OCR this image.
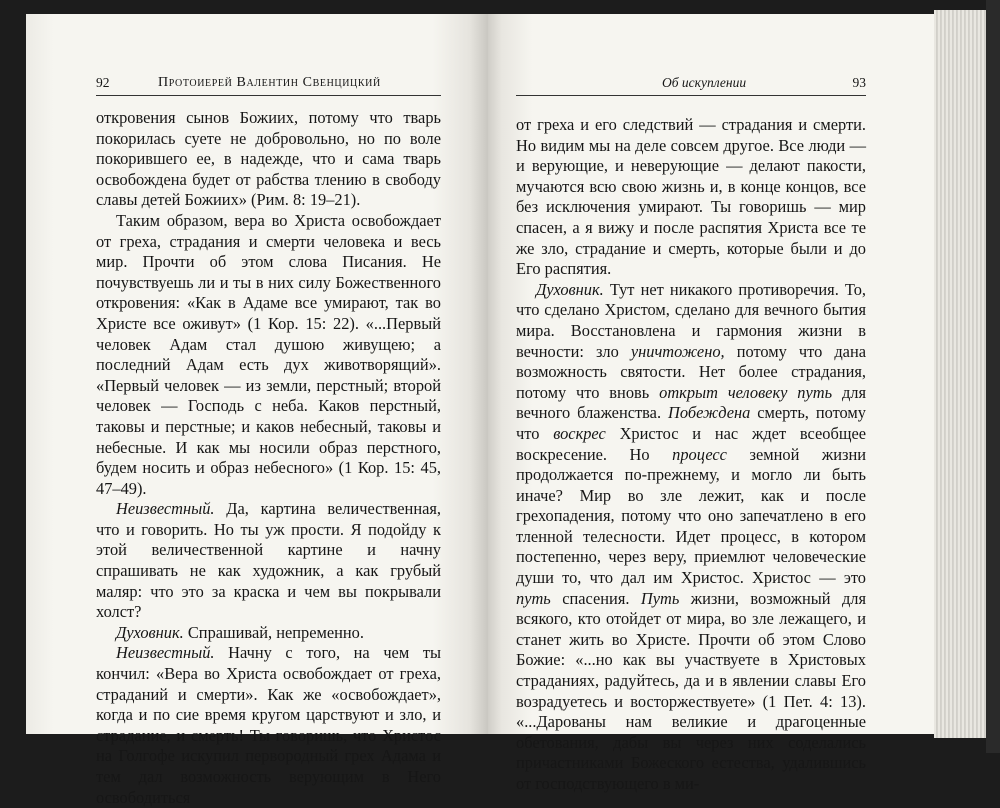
92	Протоиерей Валентин Свенцицкий

откровения сынов Божиих, потому что тварь покорилась суете не добровольно, но по воле покорившего ее, в надежде, что и сама тварь освобождена будет от рабства тлению в свободу славы детей Божиих» (Рим. 8: 19–21).

Таким образом, вера во Христа освобождает от греха, страдания и смерти человека и весь мир. Прочти об этом слова Писания. Не почувствуешь ли и ты в них силу Божественного откровения: «Как в Адаме все умирают, так во Христе все оживут» (1 Кор. 15: 22). «...Первый человек Адам стал душою живущею; а последний Адам есть дух животворящий». «Первый человек — из земли, перстный; второй человек — Господь с неба. Каков перстный, таковы и перстные; и каков небесный, таковы и небесные. И как мы носили образ перстного, будем носить и образ небесного» (1 Кор. 15: 45, 47–49).

Неизвестный. Да, картина величественная, что и говорить. Но ты уж прости. Я подойду к этой величественной картине и начну спрашивать не как художник, а как грубый маляр: что это за краска и чем вы покрывали холст?

Духовник. Спрашивай, непременно.

Неизвестный. Начну с того, на чем ты кончил: «Вера во Христа освобождает от греха, страданий и смерти». Как же «освобождает», когда и по сие время кругом царствуют и зло, и страдание, и смерть! Ты говоришь, что Христос на Голгофе искупил первородный грех Адама и тем дал возможность верующим в Него освободиться

Об искуплении	93

от греха и его следствий — страдания и смерти. Но видим мы на деле совсем другое. Все люди — и верующие, и неверующие — делают пакости, мучаются всю свою жизнь и, в конце концов, все без исключения умирают. Ты говоришь — мир спасен, а я вижу и после распятия Христа все те же зло, страдание и смерть, которые были и до Его распятия.

Духовник. Тут нет никакого противоречия. То, что сделано Христом, сделано для вечного бытия мира. Восстановлена и гармония жизни в вечности: зло уничтожено, потому что дана возможность святости. Нет более страдания, потому что вновь открыт человеку путь для вечного блаженства. Побеждена смерть, потому что воскрес Христос и нас ждет всеобщее воскресение. Но процесс земной жизни продолжается по-прежнему, и могло ли быть иначе? Мир во зле лежит, как и после грехопадения, потому что оно запечатлено в его тленной телесности. Идет процесс, в котором постепенно, через веру, приемлют человеческие души то, что дал им Христос. Христос — это путь спасения. Путь жизни, возможный для всякого, кто отойдет от мира, во зле лежащего, и станет жить во Христе. Прочти об этом Слово Божие: «...но как вы участвуете в Христовых страданиях, радуйтесь, да и в явлении славы Его возрадуетесь и восторжествуете» (1 Пет. 4: 13). «...Дарованы нам великие и драгоценные обетования, дабы вы через них соделались причастниками Божеского естества, удалившись от господствующего в ми-
